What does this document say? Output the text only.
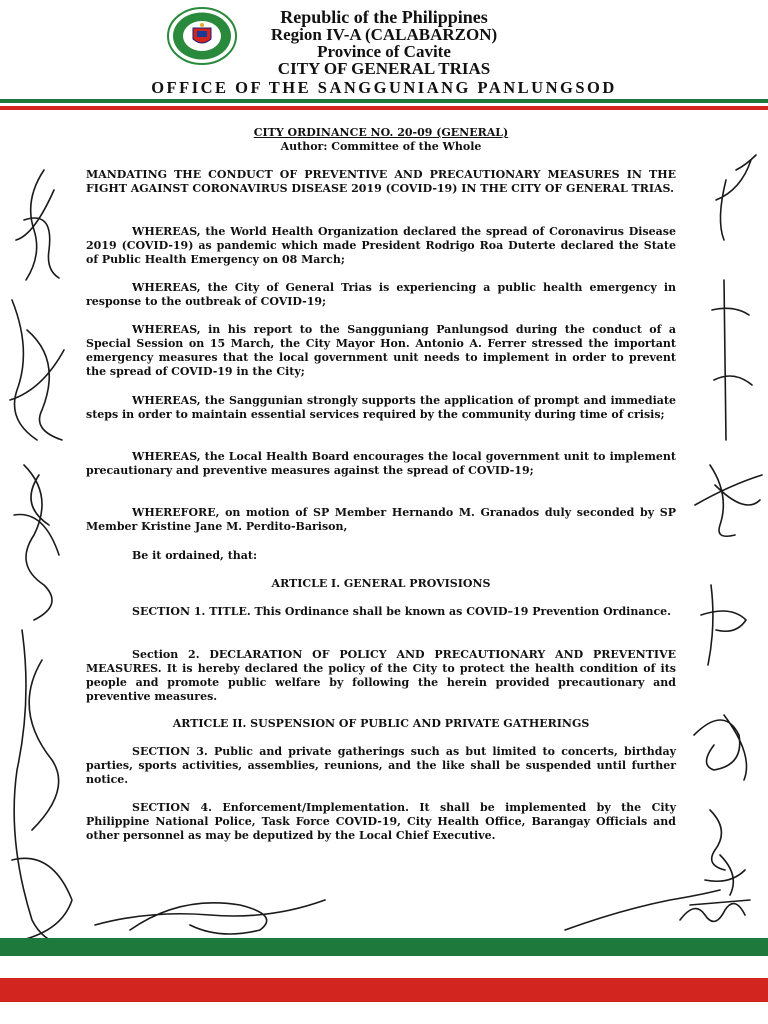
Republic of the Philippines
Region IV-A (CALABARZON)
Province of Cavite
CITY OF GENERAL TRIAS
OFFICE OF THE SANGGUNIANG PANLUNGSOD
CITY ORDINANCE NO. 20-09 (GENERAL)
Author: Committee of the Whole
MANDATING THE CONDUCT OF PREVENTIVE AND PRECAUTIONARY MEASURES IN THE FIGHT AGAINST CORONAVIRUS DISEASE 2019 (COVID-19) IN THE CITY OF GENERAL TRIAS.
WHEREAS, the World Health Organization declared the spread of Coronavirus Disease 2019 (COVID-19) as pandemic which made President Rodrigo Roa Duterte declared the State of Public Health Emergency on 08 March;
WHEREAS, the City of General Trias is experiencing a public health emergency in response to the outbreak of COVID-19;
WHEREAS, in his report to the Sangguniang Panlungsod during the conduct of a Special Session on 15 March, the City Mayor Hon. Antonio A. Ferrer stressed the important emergency measures that the local government unit needs to implement in order to prevent the spread of COVID-19 in the City;
WHEREAS, the Sanggunian strongly supports the application of prompt and immediate steps in order to maintain essential services required by the community during time of crisis;
WHEREAS, the Local Health Board encourages the local government unit to implement precautionary and preventive measures against the spread of COVID-19;
WHEREFORE, on motion of SP Member Hernando M. Granados duly seconded by SP Member Kristine Jane M. Perdito-Barison,
Be it ordained, that:
ARTICLE I. GENERAL PROVISIONS
SECTION 1. TITLE. This Ordinance shall be known as COVID–19 Prevention Ordinance.
Section 2. DECLARATION OF POLICY AND PRECAUTIONARY AND PREVENTIVE MEASURES. It is hereby declared the policy of the City to protect the health condition of its people and promote public welfare by following the herein provided precautionary and preventive measures.
ARTICLE II. SUSPENSION OF PUBLIC AND PRIVATE GATHERINGS
SECTION 3. Public and private gatherings such as but limited to concerts, birthday parties, sports activities, assemblies, reunions, and the like shall be suspended until further notice.
SECTION 4. Enforcement/Implementation. It shall be implemented by the City Philippine National Police, Task Force COVID-19, City Health Office, Barangay Officials and other personnel as may be deputized by the Local Chief Executive.
